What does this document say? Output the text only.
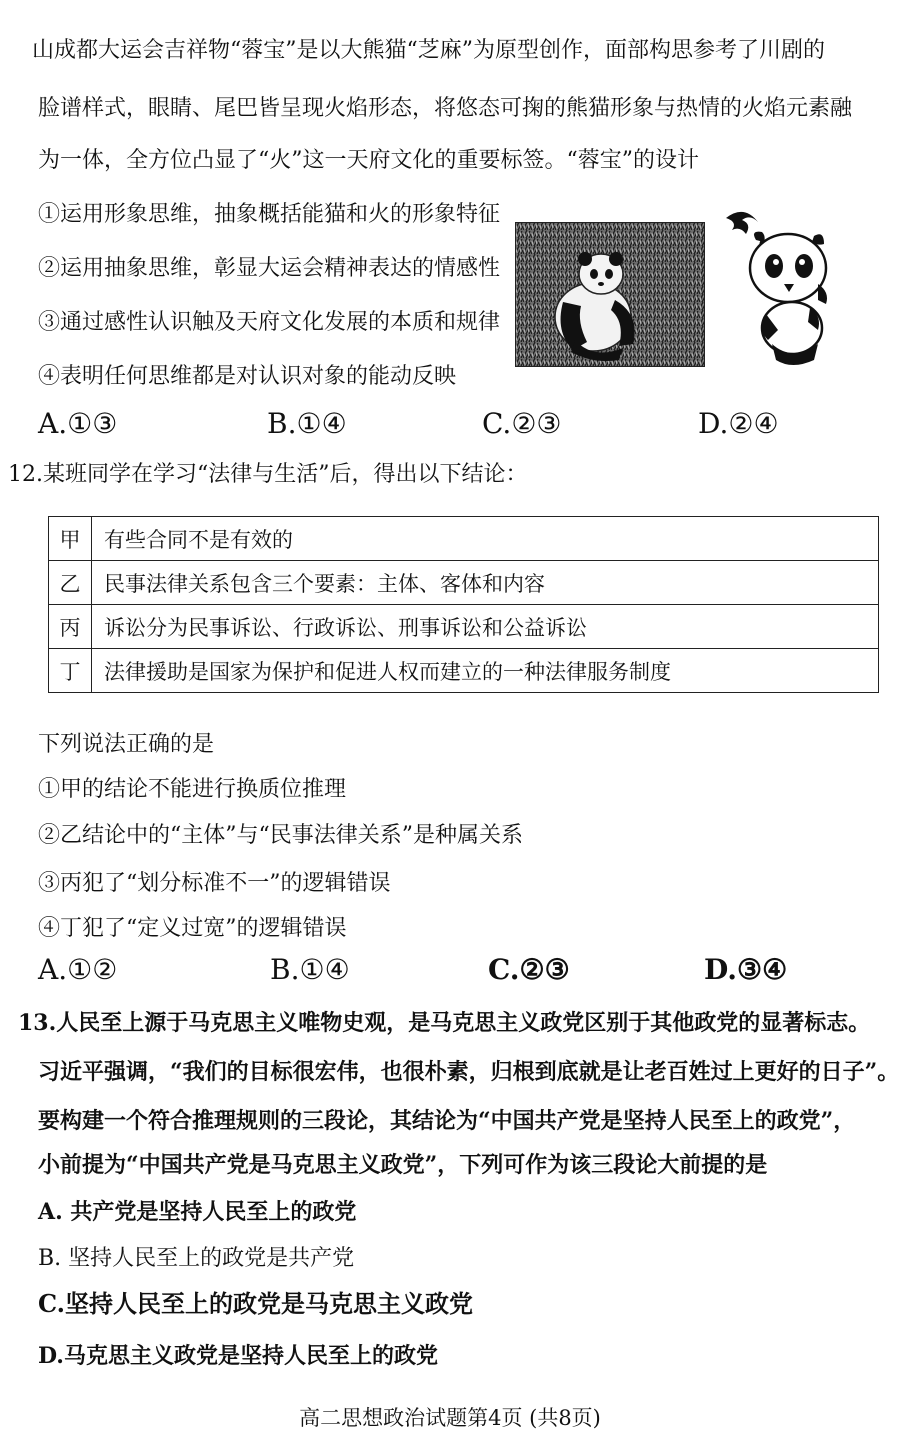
山成都大运会吉祥物“蓉宝”是以大熊猫“芝麻”为原型创作，面部构思参考了川剧的
脸谱样式，眼睛、尾巴皆呈现火焰形态，将悠态可掬的熊猫形象与热情的火焰元素融
为一体，全方位凸显了“火”这一天府文化的重要标签。“蓉宝”的设计
①运用形象思维，抽象概括能猫和火的形象特征
②运用抽象思维，彰显大运会精神表达的情感性
③通过感性认识触及天府文化发展的本质和规律
④表明任何思维都是对认识对象的能动反映
A.①③	B.①④	C.②③	D.②④
12.某班同学在学习“法律与生活”后，得出以下结论：
甲	有些合同不是有效的
乙	民事法律关系包含三个要素：主体、客体和内容
丙	诉讼分为民事诉讼、行政诉讼、刑事诉讼和公益诉讼
丁	法律援助是国家为保护和促进人权而建立的一种法律服务制度
下列说法正确的是
①甲的结论不能进行换质位推理
②乙结论中的“主体”与“民事法律关系”是种属关系
③丙犯了“划分标准不一”的逻辑错误
④丁犯了“定义过宽”的逻辑错误
A.①②	B.①④	C.②③	D.③④
13.人民至上源于马克思主义唯物史观，是马克思主义政党区别于其他政党的显著标志。
习近平强调，“我们的目标很宏伟，也很朴素，归根到底就是让老百姓过上更好的日子”。
要构建一个符合推理规则的三段论，其结论为“中国共产党是坚持人民至上的政党”，
小前提为“中国共产党是马克思主义政党”，下列可作为该三段论大前提的是
A. 共产党是坚持人民至上的政党
B. 坚持人民至上的政党是共产党
C.坚持人民至上的政党是马克思主义政党
D.马克思主义政党是坚持人民至上的政党
高二思想政治试题第4页 (共8页)
